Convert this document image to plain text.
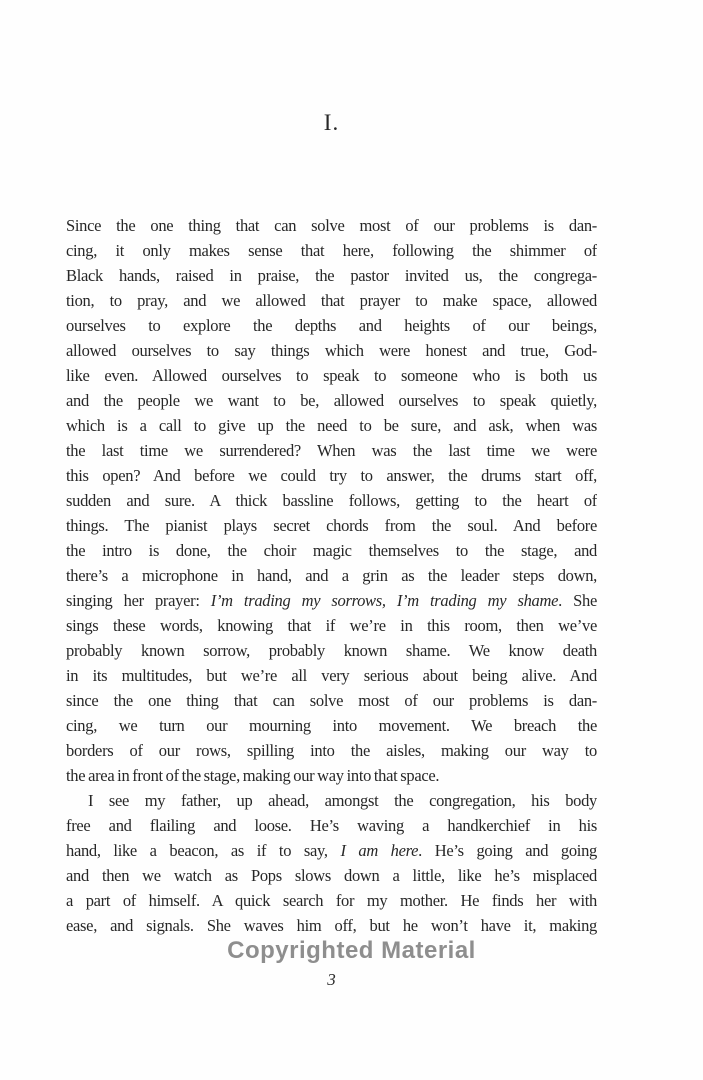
I.
Since the one thing that can solve most of our problems is dan-
cing, it only makes sense that here, following the shimmer of
Black hands, raised in praise, the pastor invited us, the congrega-
tion, to pray, and we allowed that prayer to make space, allowed
ourselves to explore the depths and heights of our beings,
allowed ourselves to say things which were honest and true, God-
like even. Allowed ourselves to speak to someone who is both us
and the people we want to be, allowed ourselves to speak quietly,
which is a call to give up the need to be sure, and ask, when was
the last time we surrendered? When was the last time we were
this open? And before we could try to answer, the drums start off,
sudden and sure. A thick bassline follows, getting to the heart of
things. The pianist plays secret chords from the soul. And before
the intro is done, the choir magic themselves to the stage, and
there’s a microphone in hand, and a grin as the leader steps down,
singing her prayer: I’m trading my sorrows, I’m trading my shame. She
sings these words, knowing that if we’re in this room, then we’ve
probably known sorrow, probably known shame. We know death
in its multitudes, but we’re all very serious about being alive. And
since the one thing that can solve most of our problems is dan-
cing, we turn our mourning into movement. We breach the
borders of our rows, spilling into the aisles, making our way to
the area in front of the stage, making our way into that space.
I see my father, up ahead, amongst the congregation, his body
free and flailing and loose. He’s waving a handkerchief in his
hand, like a beacon, as if to say, I am here. He’s going and going
and then we watch as Pops slows down a little, like he’s misplaced
a part of himself. A quick search for my mother. He finds her with
ease, and signals. She waves him off, but he won’t have it, making
Copyrighted Material
3
